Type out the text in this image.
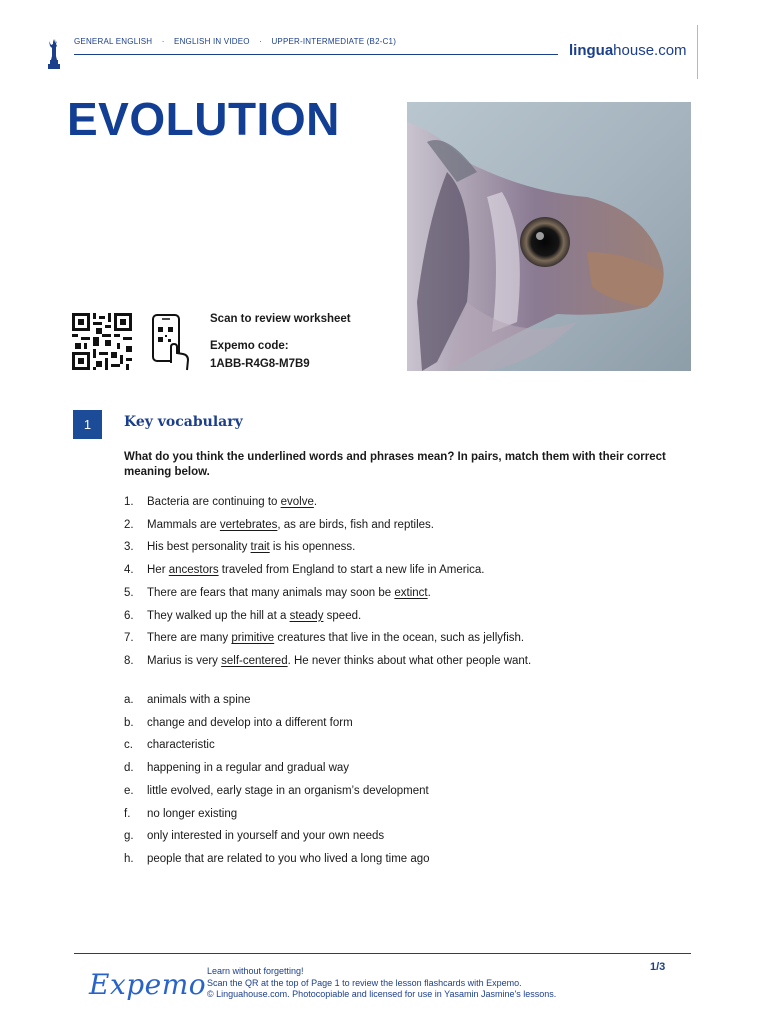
GENERAL ENGLISH · ENGLISH IN VIDEO · UPPER-INTERMEDIATE (B2-C1)
linguahouse.com
EVOLUTION
Scan to review worksheet
Expemo code:
1ABB-R4G8-M7B9
1	Key vocabulary
What do you think the underlined words and phrases mean? In pairs, match them with their correct meaning below.
1. Bacteria are continuing to evolve.
2. Mammals are vertebrates, as are birds, fish and reptiles.
3. His best personality trait is his openness.
4. Her ancestors traveled from England to start a new life in America.
5. There are fears that many animals may soon be extinct.
6. They walked up the hill at a steady speed.
7. There are many primitive creatures that live in the ocean, such as jellyfish.
8. Marius is very self-centered. He never thinks about what other people want.
a. animals with a spine
b. change and develop into a different form
c. characteristic
d. happening in a regular and gradual way
e. little evolved, early stage in an organism’s development
f. no longer existing
g. only interested in yourself and your own needs
h. people that are related to you who lived a long time ago
Expemo Learn without forgetting!
Scan the QR at the top of Page 1 to review the lesson flashcards with Expemo.
© Linguahouse.com. Photocopiable and licensed for use in Yasamin Jasmine's lessons.
1/3
